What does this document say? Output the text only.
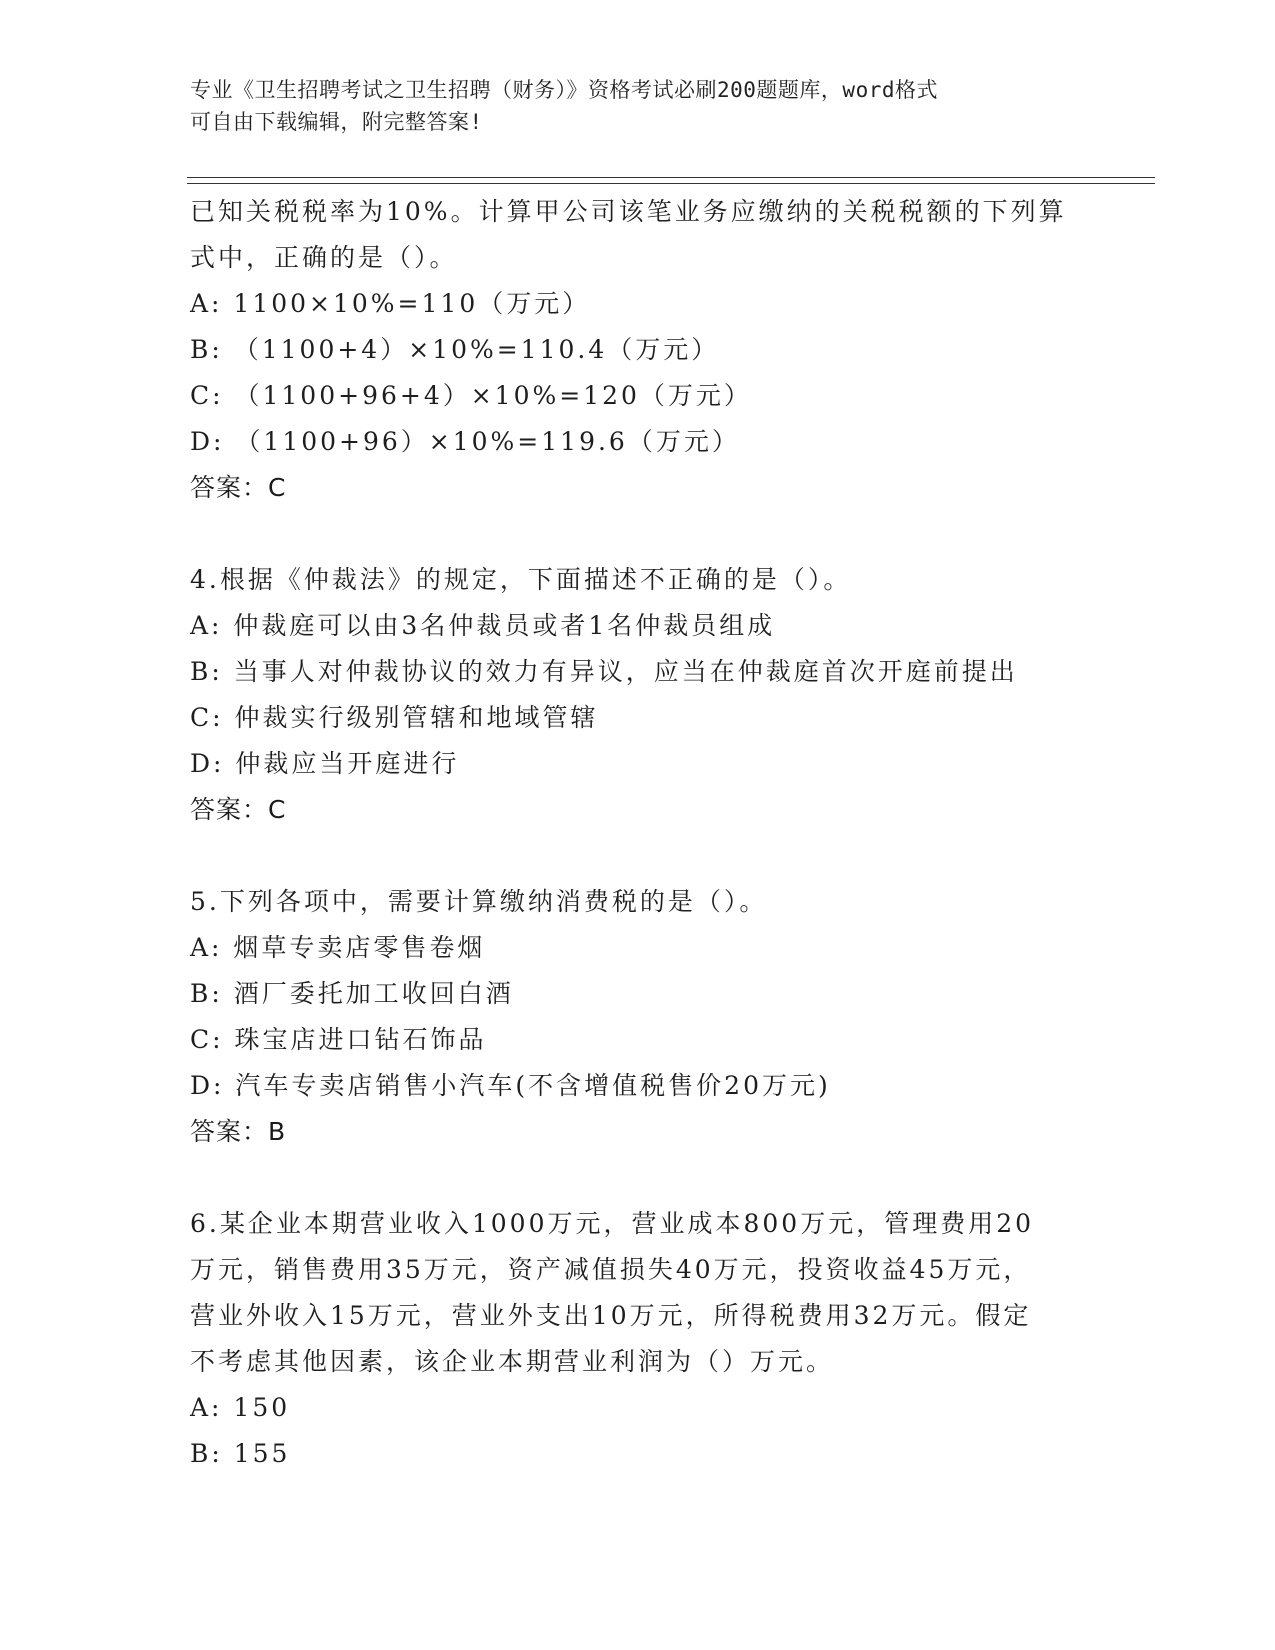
专业《卫生招聘考试之卫生招聘（财务）》资格考试必刷200题题库，word格式
可自由下载编辑，附完整答案!
已知关税税率为10%。计算甲公司该笔业务应缴纳的关税税额的下列算
式中，正确的是（）。
A: 1100×10%=110（万元）
B: （1100+4）×10%=110.4（万元）
C: （1100+96+4）×10%=120（万元）
D: （1100+96）×10%=119.6（万元）
答案：C
4.根据《仲裁法》的规定，下面描述不正确的是（）。
A: 仲裁庭可以由3名仲裁员或者1名仲裁员组成
B: 当事人对仲裁协议的效力有异议，应当在仲裁庭首次开庭前提出
C: 仲裁实行级别管辖和地域管辖
D: 仲裁应当开庭进行
答案：C
5.下列各项中，需要计算缴纳消费税的是（）。
A: 烟草专卖店零售卷烟
B: 酒厂委托加工收回白酒
C: 珠宝店进口钻石饰品
D: 汽车专卖店销售小汽车(不含增值税售价20万元)
答案：B
6.某企业本期营业收入1000万元，营业成本800万元，管理费用20
万元，销售费用35万元，资产减值损失40万元，投资收益45万元，
营业外收入15万元，营业外支出10万元，所得税费用32万元。假定
不考虑其他因素，该企业本期营业利润为（）万元。
A: 150
B: 155
